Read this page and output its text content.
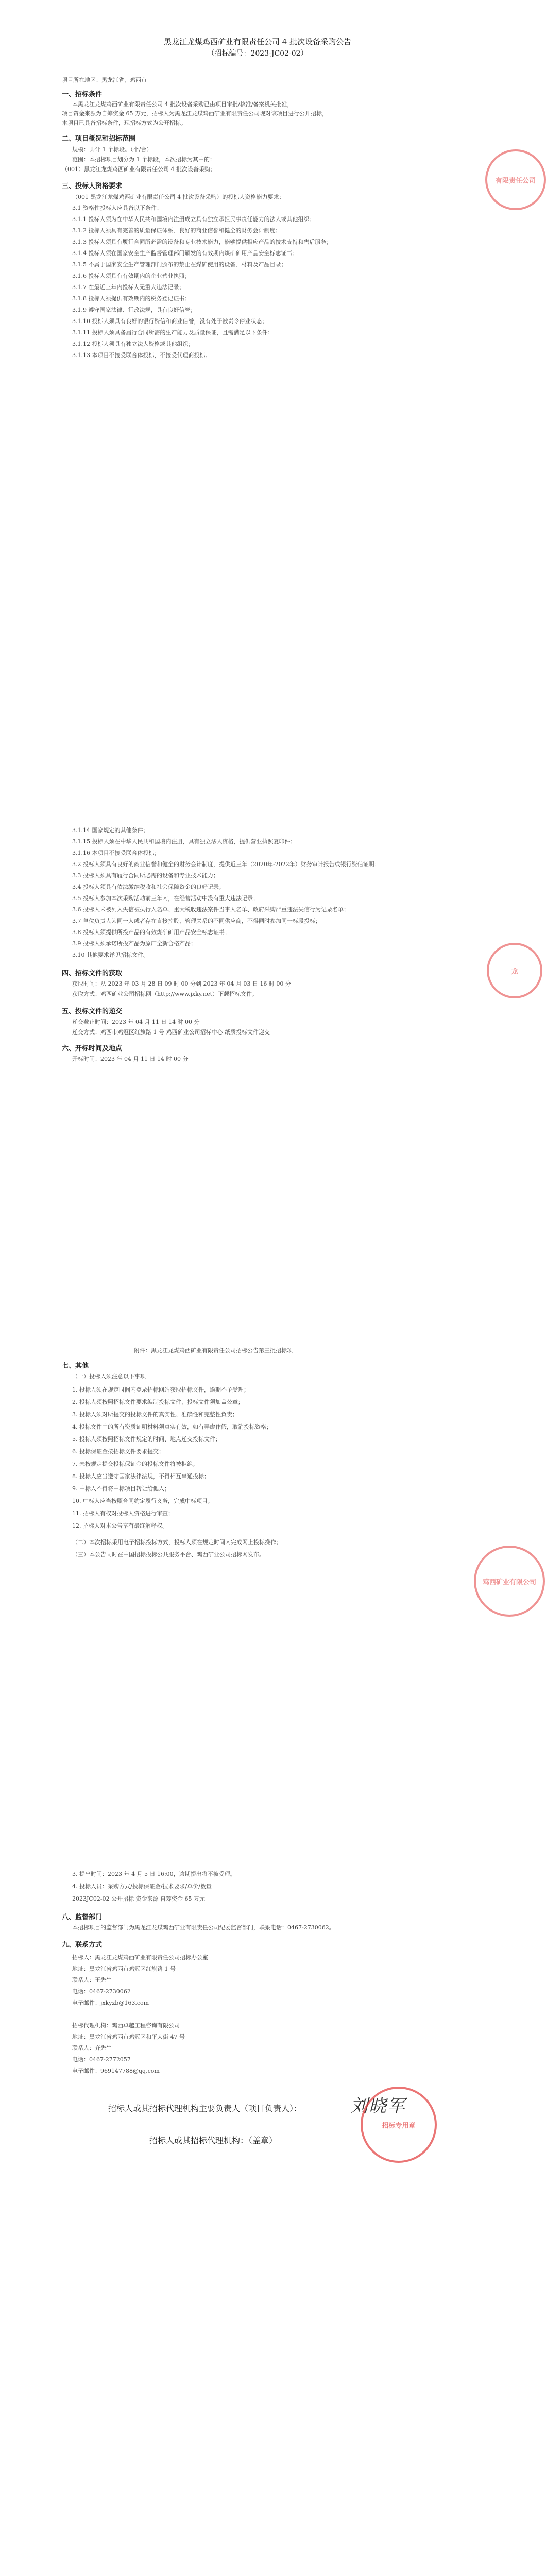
黑龙江龙煤鸡西矿业有限责任公司 4 批次设备采购公告
（招标编号：2023-JC02-02）
项目所在地区：黑龙江省，鸡西市
一、招标条件
本黑龙江龙煤鸡西矿业有限责任公司 4 批次设备采购已由项目审批/核准/备案机关批准，
项目资金来源为自筹资金 65 万元，招标人为黑龙江龙煤鸡西矿业有限责任公司现对该项目进行公开招标，
本项目已具备招标条件，现招标方式为公开招标。
二、项目概况和招标范围
规模：共计 1 个标段。（个/台）
范围：本招标项目划分为 1 个标段，本次招标为其中的：
（001）黑龙江龙煤鸡西矿业有限责任公司 4 批次设备采购；
三、投标人资格要求
（001 黑龙江龙煤鸡西矿业有限责任公司 4 批次设备采购）的投标人资格能力要求：
3.1 资格性投标人应具备以下条件：
3.1.1 投标人须为在中华人民共和国境内注册成立具有独立承担民事责任能力的法人或其他组织；
3.1.2 投标人须具有完善的质量保证体系、良好的商业信誉和健全的财务会计制度；
3.1.3 投标人须具有履行合同所必需的设备和专业技术能力，能够提供相应产品的技术支持和售后服务；
3.1.4 投标人须在国家安全生产监督管理部门颁发的有效期内煤矿矿用产品安全标志证书；
3.1.5 不属于国家安全生产管理部门颁布的禁止在煤矿使用的设备、材料及产品目录；
3.1.6 投标人须具有有效期内的企业营业执照；
3.1.7 在最近三年内投标人无重大违法记录；
3.1.8 投标人须提供有效期内的税务登记证书；
3.1.9 遵守国家法律、行政法规，具有良好信誉；
3.1.10 投标人须具有良好的银行资信和商业信誉，没有处于被责令停业状态；
3.1.11 投标人须具备履行合同所需的生产能力及质量保证，且需满足以下条件：
3.1.12 投标人须具有独立法人资格或其他组织；
3.1.13 本项目不接受联合体投标，不接受代理商投标。
有限责任公司
3.1.14 国家规定的其他条件；
3.1.15 投标人须在中华人民共和国境内注册，具有独立法人资格，提供营业执照复印件；
3.1.16 本项目不接受联合体投标；
3.2 投标人须具有良好的商业信誉和健全的财务会计制度，提供近三年（2020年-2022年）财务审计报告或银行资信证明；
3.3 投标人须具有履行合同所必需的设备和专业技术能力；
3.4 投标人须具有依法缴纳税收和社会保障资金的良好记录；
3.5 投标人参加本次采购活动前三年内，在经营活动中没有重大违法记录；
3.6 投标人未被列入失信被执行人名单、重大税收违法案件当事人名单、政府采购严重违法失信行为记录名单；
3.7 单位负责人为同一人或者存在直接控股、管理关系的不同供应商，不得同时参加同一标段投标；
3.8 投标人须提供所投产品的有效煤矿矿用产品安全标志证书；
3.9 投标人须承诺所投产品为原厂全新合格产品；
3.10 其他要求详见招标文件。
四、招标文件的获取
获取时间：从 2023 年 03 月 28 日 09 时 00 分到 2023 年 04 月 03 日 16 时 00 分
获取方式：鸡西矿业公司招标网（http://www.jxky.net）下载招标文件。
五、投标文件的递交
递交截止时间：2023 年 04 月 11 日 14 时 00 分
递交方式：鸡西市鸡冠区红旗路 1 号 鸡西矿业公司招标中心 纸质投标文件递交
六、开标时间及地点
开标时间：2023 年 04 月 11 日 14 时 00 分
龙
附件：黑龙江龙煤鸡西矿业有限责任公司招标公告第三批招标项
七、其他
（一）投标人须注意以下事项
1. 投标人须在规定时间内登录招标网站获取招标文件，逾期不予受理；
2. 投标人须按照招标文件要求编制投标文件，投标文件须加盖公章；
3. 投标人须对所提交的投标文件的真实性、准确性和完整性负责；
4. 投标文件中的所有资质证明材料须真实有效，如有弄虚作假，取消投标资格；
5. 投标人须按照招标文件规定的时间、地点递交投标文件；
6. 投标保证金按招标文件要求提交；
7. 未按规定提交投标保证金的投标文件将被拒绝；
8. 投标人应当遵守国家法律法规，不得相互串通投标；
9. 中标人不得将中标项目转让给他人；
10. 中标人应当按照合同约定履行义务，完成中标项目；
11. 招标人有权对投标人资格进行审查；
12. 招标人对本公告享有最终解释权。
（二）本次招标采用电子招标投标方式，投标人须在规定时间内完成网上投标操作；
（三）本公告同时在中国招标投标公共服务平台、鸡西矿业公司招标网发布。
鸡西矿业有限公司
3. 提出时间：2023 年 4 月 5 日 16:00，逾期提出将不被受理。
4. 投标人员：采购方式/投标保证金/技术要求/单价/数量
2023JC02-02 公开招标 资金来源 自筹资金 65 万元
八、监督部门
本招标项目的监督部门为黑龙江龙煤鸡西矿业有限责任公司纪委监督部门，联系电话：0467-2730062。
九、联系方式
招标人：黑龙江龙煤鸡西矿业有限责任公司招标办公室
地址：黑龙江省鸡西市鸡冠区红旗路 1 号
联系人：王先生
电话：0467-2730062
电子邮件：jxkyzb@163.com
招标代理机构：鸡西卓越工程咨询有限公司
地址：黑龙江省鸡西市鸡冠区和平大街 47 号
联系人：齐先生
电话：0467-2772057
电子邮件：969147788@qq.com
招标人或其招标代理机构主要负责人（项目负责人）：	刘晓军
招标人或其招标代理机构：（盖章）
招标专用章
